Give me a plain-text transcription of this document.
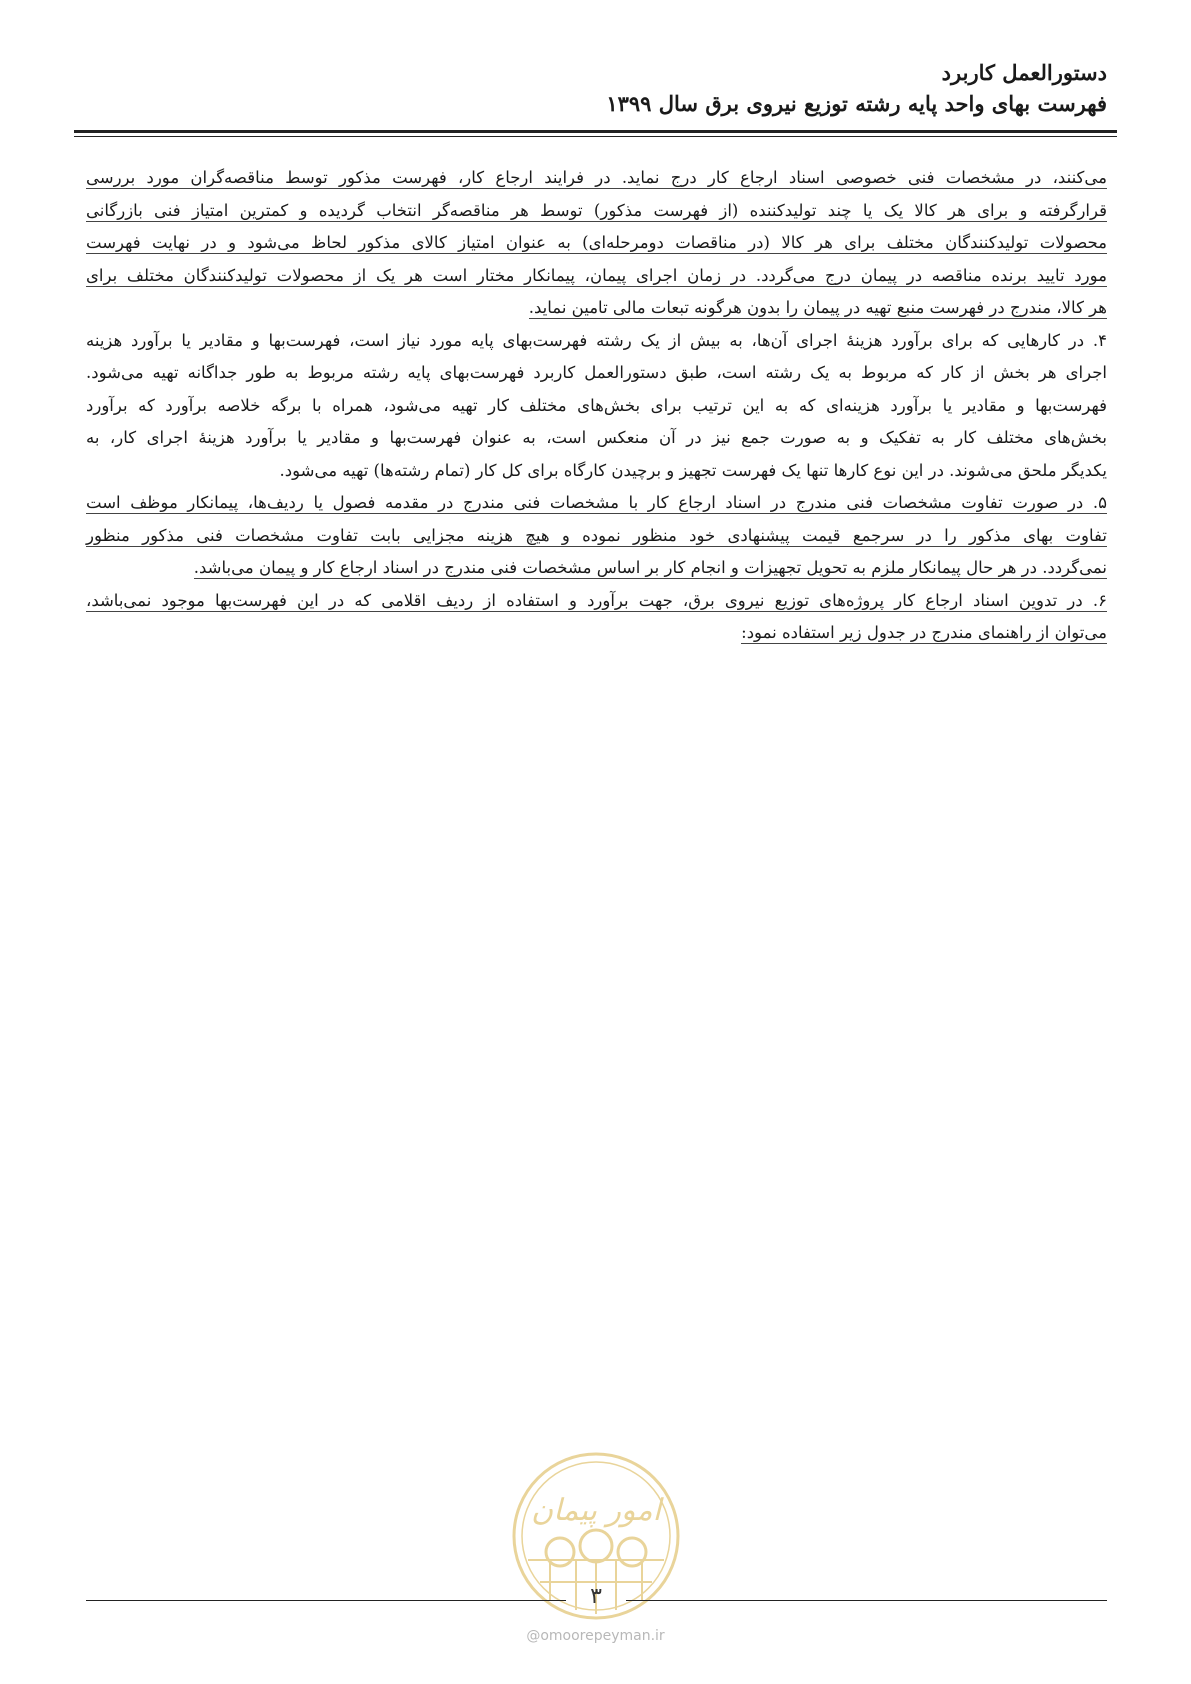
دستورالعمل کاربرد
فهرست بهای واحد پایه رشته توزیع نیروی برق سال ۱۳۹۹

می‌کنند، در مشخصات فنی خصوصی اسناد ارجاع کار درج نماید. در فرایند ارجاع کار، فهرست مذکور توسط مناقصه‌گران مورد بررسی
قرارگرفته و برای هر کالا یک یا چند تولیدکننده (از فهرست مذکور) توسط هر مناقصه‌گر انتخاب گردیده و کمترین امتیاز فنی بازرگانی
محصولات تولیدکنندگان مختلف برای هر کالا (در مناقصات دومرحله‌ای) به عنوان امتیاز کالای مذکور لحاظ می‌شود و در نهایت فهرست
مورد تایید برنده مناقصه در پیمان درج می‌گردد. در زمان اجرای پیمان، پیمانکار مختار است هر یک از محصولات تولیدکنندگان مختلف برای
هر کالا، مندرج در فهرست منبع تهیه در پیمان را بدون هرگونه تبعات مالی تامین نماید.

۴. در کارهایی که برای برآورد هزینهٔ اجرای آن‌ها، به بیش از یک رشته فهرست‌بهای پایه مورد نیاز است، فهرست‌بها و مقادیر یا برآورد هزینه
اجرای هر بخش از کار که مربوط به یک رشته است، طبق دستورالعمل کاربرد فهرست‌بهای پایه رشته مربوط به طور جداگانه تهیه می‌شود.
فهرست‌بها و مقادیر یا برآورد هزینه‌ای که به این ترتیب برای بخش‌های مختلف کار تهیه می‌شود، همراه با برگه خلاصه برآورد که برآورد
بخش‌های مختلف کار به تفکیک و به صورت جمع نیز در آن منعکس است، به عنوان فهرست‌بها و مقادیر یا برآورد هزینهٔ اجرای کار، به
یکدیگر ملحق می‌شوند. در این نوع کارها تنها یک فهرست تجهیز و برچیدن کارگاه برای کل کار (تمام رشته‌ها) تهیه می‌شود.

۵. در صورت تفاوت مشخصات فنی مندرج در اسناد ارجاع کار با مشخصات فنی مندرج در مقدمه فصول یا ردیف‌ها، پیمانکار موظف است
تفاوت بهای مذکور را در سرجمع قیمت پیشنهادی خود منظور نموده و هیچ هزینه مجزایی بابت تفاوت مشخصات فنی مذکور منظور
نمی‌گردد. در هر حال پیمانکار ملزم به تحویل تجهیزات و انجام کار بر اساس مشخصات فنی مندرج در اسناد ارجاع کار و پیمان می‌باشد.

۶. در تدوین اسناد ارجاع کار پروژه‌های توزیع نیروی برق، جهت برآورد و استفاده از ردیف اقلامی که در این فهرست‌بها موجود نمی‌باشد،
می‌توان از راهنمای مندرج در جدول زیر استفاده نمود:

امور پیمان
۳
@omoorepeyman.ir
